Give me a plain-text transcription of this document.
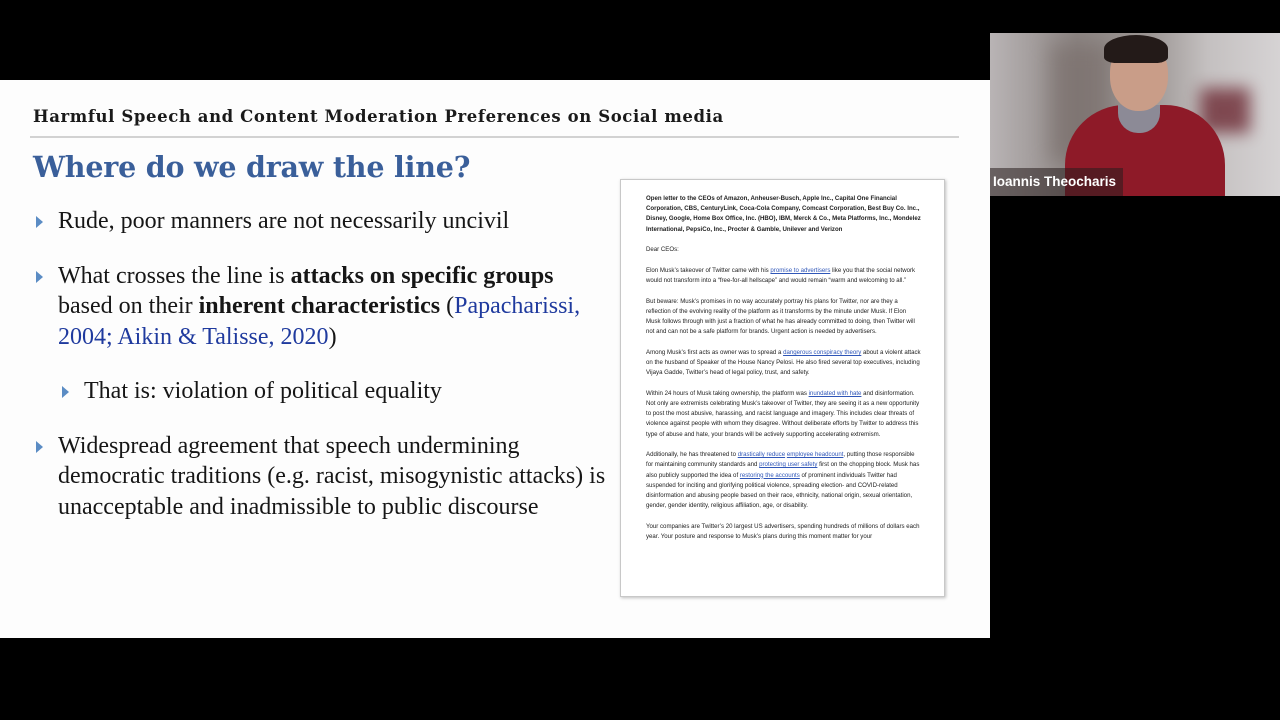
Harmful Speech and Content Moderation Preferences on Social media
Where do we draw the line?
Rude, poor manners are not necessarily uncivil
What crosses the line is attacks on specific groups based on their inherent characteristics (Papacharissi, 2004; Aikin & Talisse, 2020)
That is: violation of political equality
Widespread agreement that speech undermining democratic traditions (e.g. racist, misogynistic attacks) is unacceptable and inadmissible to public discourse

Open letter to the CEOs of Amazon, Anheuser-Busch, Apple Inc., Capital One Financial Corporation, CBS, CenturyLink, Coca-Cola Company, Comcast Corporation, Best Buy Co. Inc., Disney, Google, Home Box Office, Inc. (HBO), IBM, Merck & Co., Meta Platforms, Inc., Mondelez International, PepsiCo, Inc., Procter & Gamble, Unilever and Verizon

Dear CEOs:

Elon Musk’s takeover of Twitter came with his promise to advertisers like you that the social network would not transform into a “free-for-all hellscape” and would remain “warm and welcoming to all.”

But beware: Musk’s promises in no way accurately portray his plans for Twitter, nor are they a reflection of the evolving reality of the platform as it transforms by the minute under Musk. If Elon Musk follows through with just a fraction of what he has already committed to doing, then Twitter will not and can not be a safe platform for brands. Urgent action is needed by advertisers.

Among Musk’s first acts as owner was to spread a dangerous conspiracy theory about a violent attack on the husband of Speaker of the House Nancy Pelosi. He also fired several top executives, including Vijaya Gadde, Twitter’s head of legal policy, trust, and safety.

Within 24 hours of Musk taking ownership, the platform was inundated with hate and disinformation. Not only are extremists celebrating Musk’s takeover of Twitter, they are seeing it as a new opportunity to post the most abusive, harassing, and racist language and imagery. This includes clear threats of violence against people with whom they disagree. Without deliberate efforts by Twitter to address this type of abuse and hate, your brands will be actively supporting accelerating extremism.

Additionally, he has threatened to drastically reduce employee headcount, putting those responsible for maintaining community standards and protecting user safety first on the chopping block. Musk has also publicly supported the idea of restoring the accounts of prominent individuals Twitter had suspended for inciting and glorifying political violence, spreading election- and COVID-related disinformation and abusing people based on their race, ethnicity, national origin, sexual orientation, gender, gender identity, religious affiliation, age, or disability.

Your companies are Twitter’s 20 largest US advertisers, spending hundreds of millions of dollars each year. Your posture and response to Musk’s plans during this moment matter for your

Ioannis Theocharis
